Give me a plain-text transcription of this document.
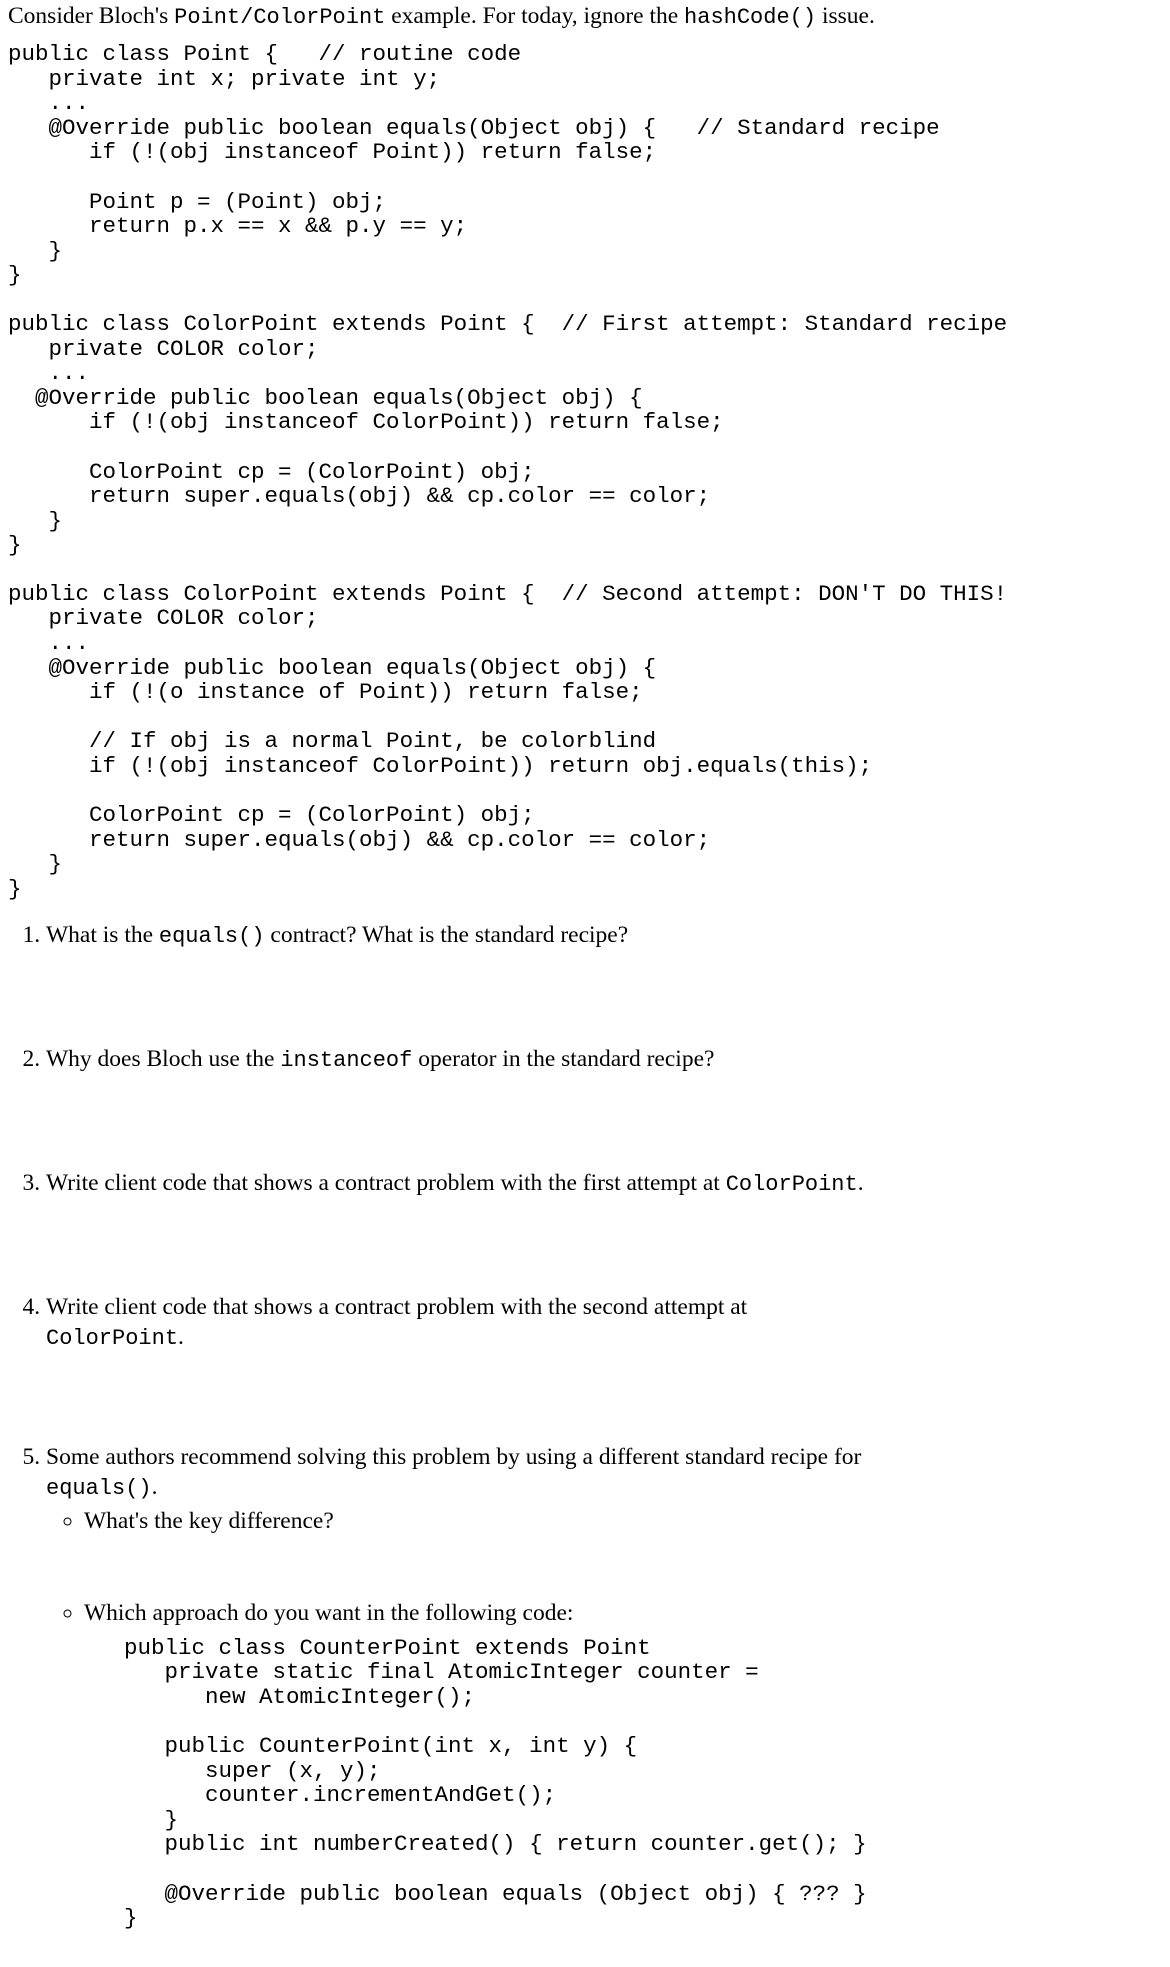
Consider Bloch's Point/ColorPoint example. For today, ignore the hashCode() issue.

public class Point {   // routine code
private int x; private int y;
...
@Override public boolean equals(Object obj) {   // Standard recipe
if (!(obj instanceof Point)) return false;

Point p = (Point) obj;
return p.x == x && p.y == y;
}
}
public class ColorPoint extends Point {  // First attempt: Standard recipe
private COLOR color;
...
@Override public boolean equals(Object obj) {
if (!(obj instanceof ColorPoint)) return false;

ColorPoint cp = (ColorPoint) obj;
return super.equals(obj) && cp.color == color;
}
}
public class ColorPoint extends Point {  // Second attempt: DON'T DO THIS!
private COLOR color;
...
@Override public boolean equals(Object obj) {
if (!(o instance of Point)) return false;

// If obj is a normal Point, be colorblind
if (!(obj instanceof ColorPoint)) return obj.equals(this);

ColorPoint cp = (ColorPoint) obj;
return super.equals(obj) && cp.color == color;
}
}
1. What is the equals() contract? What is the standard recipe?
2. Why does Bloch use the instanceof operator in the standard recipe?
3. Write client code that shows a contract problem with the first attempt at ColorPoint.
4. Write client code that shows a contract problem with the second attempt at
ColorPoint.
5. Some authors recommend solving this problem by using a different standard recipe for
equals().
◦ What's the key difference?
◦ Which approach do you want in the following code:
public class CounterPoint extends Point
private static final AtomicInteger counter =
new AtomicInteger();

public CounterPoint(int x, int y) {
super (x, y);
counter.incrementAndGet();
}
public int numberCreated() { return counter.get(); }

@Override public boolean equals (Object obj) { ??? }
}
